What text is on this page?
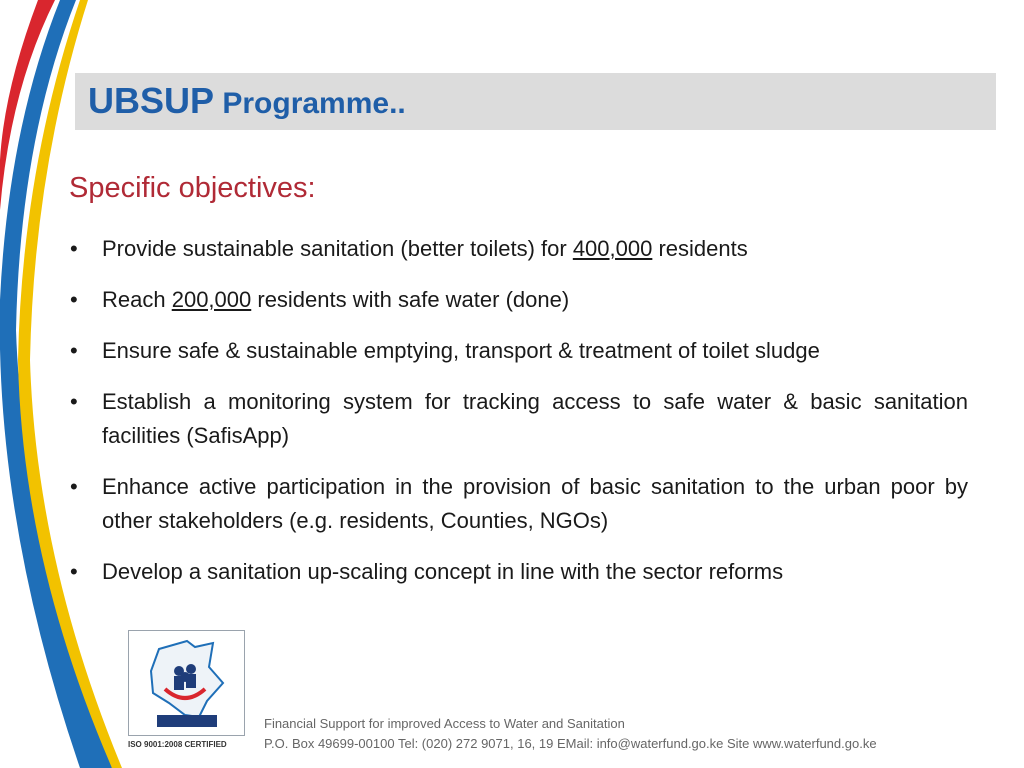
UBSUP Programme..
Specific objectives:
•	Provide sustainable sanitation (better toilets) for 400,000 residents
•	Reach 200,000 residents with safe water (done)
•	Ensure safe & sustainable emptying, transport & treatment of toilet sludge
•	Establish a monitoring system for tracking access to safe water & basic sanitation facilities (SafisApp)
•	Enhance active participation in the provision of basic sanitation to the urban poor by other stakeholders (e.g. residents, Counties, NGOs)
•	Develop a sanitation up-scaling concept in line with the sector reforms
ISO 9001:2008 CERTIFIED
Financial Support for improved Access to Water and Sanitation
P.O. Box 49699-00100 Tel: (020) 272 9071, 16, 19 EMail: info@waterfund.go.ke Site www.waterfund.go.ke
